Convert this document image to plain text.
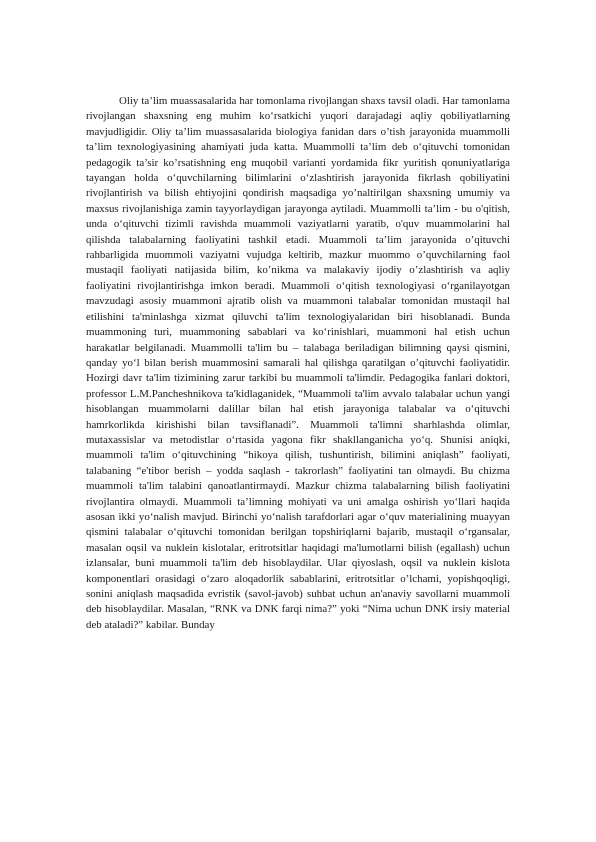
Oliy ta’lim muassasalarida har tomonlama rivojlangan shaxs tavsil oladi. Har tamonlama rivojlangan shaxsning eng muhim ko‘rsatkichi yuqori darajadagi aqliy qobiliyatlarning mavjudligidir. Oliy ta’lim muassasalarida biologiya fanidan dars o’tish jarayonida muammolli ta’lim texnologiyasining ahamiyati juda katta. Muammolli ta’lim deb o‘qituvchi tomonidan pedagogik ta’sir ko’rsatishning eng muqobil varianti yordamida fikr yuritish qonuniyatlariga tayangan holda o‘quvchilarning bilimlarini o‘zlashtirish jarayonida fikrlash qobiliyatini rivojlantirish va bilish ehtiyojini qondirish maqsadiga yo’naltirilgan shaxsning umumiy va maxsus rivojlanishiga zamin tayyorlaydigan jarayonga aytiladi. Muammolli ta’lim - bu o'qitish, unda o‘qituvchi tizimli ravishda muammoli vaziyatlarni yaratib, o'quv muammolarini hal qilishda talabalarning faoliyatini tashkil etadi. Muammoli ta’lim jarayonida o’qituvchi rahbarligida muommoli vaziyatni vujudga keltirib, mazkur muommo o’quvchilarning faol mustaqil faoliyati natijasida bilim, ko’nikma va malakaviy ijodiy o’zlashtirish va aqliy faoliyatini rivojlantirishga imkon beradi. Muammoli o‘qitish texnologiyasi o‘rganilayotgan mavzudagi asosiy muammoni ajratib olish va muammoni talabalar tomonidan mustaqil hal etilishini ta'minlashga xizmat qiluvchi ta'lim texnologiyalaridan biri hisoblanadi. Bunda muammoning turi, muammoning sabablari va ko‘rinishlari, muammoni hal etish uchun harakatlar belgilanadi. Muammolli ta'lim bu – talabaga beriladigan bilimning qaysi qismini, qanday yo‘l bilan berish muammosini samarali hal qilishga qaratilgan o’qituvchi faoliyatidir. Hozirgi davr ta'lim tizimining zarur tarkibi bu muammoli ta'limdir. Pedagogika fanlari doktori, professor L.M.Pancheshnikova ta'kidlaganidek, “Muammoli ta'lim avvalo talabalar uchun yangi hisoblangan muammolarni dalillar bilan hal etish jarayoniga talabalar va o‘qituvchi hamrkorlikda kirishishi bilan tavsiflanadi”. Muammoli ta'limni sharhlashda olimlar, mutaxassislar va metodistlar o‘rtasida yagona fikr shakllanganicha yo‘q. Shunisi aniqki, muammoli ta'lim o‘qituvchining “hikoya qilish, tushuntirish, bilimini aniqlash” faoliyati, talabaning “e'tibor berish – yodda saqlash - takrorlash” faoliyatini tan olmaydi. Bu chizma muammoli ta'lim talabini qanoatlantirmaydi. Mazkur chizma talabalarning bilish faoliyatini rivojlantira olmaydi. Muammoli ta’limning mohiyati va uni amalga oshirish yo‘llari haqida asosan ikki yo‘nalish mavjud. Birinchi yo‘nalish tarafdorlari agar o‘quv materialining muayyan qismini talabalar o‘qituvchi tomonidan berilgan topshiriqlarni bajarib, mustaqil o‘rgansalar, masalan oqsil va nuklein kislotalar, eritrotsitlar haqidagi ma'lumotlarni bilish (egallash) uchun izlansalar, buni muammoli ta'lim deb hisoblaydilar. Ular qiyoslash, oqsil va nuklein kislota komponentlari orasidagi o‘zaro aloqadorlik sabablarini, eritrotsitlar o’lchami, yopishqoqligi, sonini aniqlash maqsadida evristik (savol-javob) suhbat uchun an'anaviy savollarni muammoli deb hisoblaydilar. Masalan, “RNK va DNK farqi nima?” yoki “Nima uchun DNK irsiy material deb ataladi?” kabilar. Bunday
